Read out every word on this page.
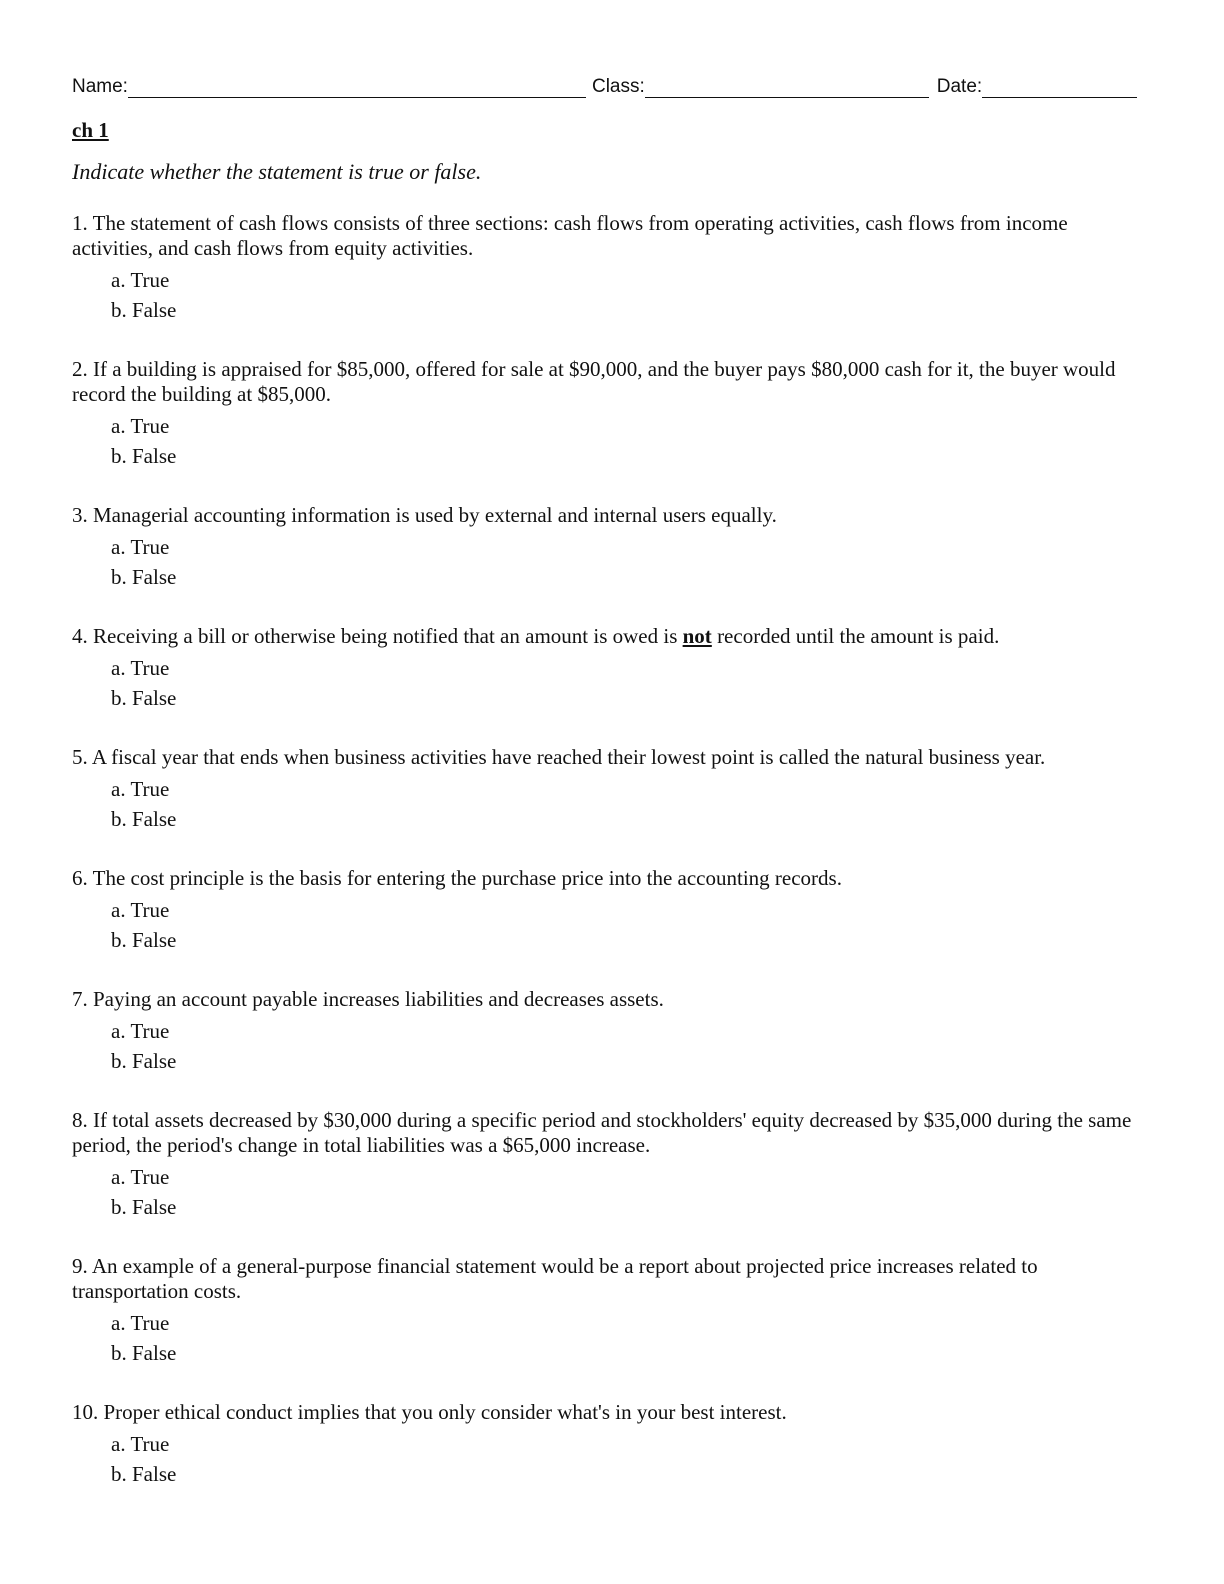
Name:	Class:	Date:
ch 1
Indicate whether the statement is true or false.
1. The statement of cash flows consists of three sections: cash flows from operating activities, cash flows from income activities, and cash flows from equity activities.
a. True
b. False
2. If a building is appraised for $85,000, offered for sale at $90,000, and the buyer pays $80,000 cash for it, the buyer would record the building at $85,000.
a. True
b. False
3. Managerial accounting information is used by external and internal users equally.
a. True
b. False
4. Receiving a bill or otherwise being notified that an amount is owed is not recorded until the amount is paid.
a. True
b. False
5. A fiscal year that ends when business activities have reached their lowest point is called the natural business year.
a. True
b. False
6. The cost principle is the basis for entering the purchase price into the accounting records.
a. True
b. False
7. Paying an account payable increases liabilities and decreases assets.
a. True
b. False
8. If total assets decreased by $30,000 during a specific period and stockholders' equity decreased by $35,000 during the same period, the period's change in total liabilities was a $65,000 increase.
a. True
b. False
9. An example of a general-purpose financial statement would be a report about projected price increases related to transportation costs.
a. True
b. False
10. Proper ethical conduct implies that you only consider what's in your best interest.
a. True
b. False
